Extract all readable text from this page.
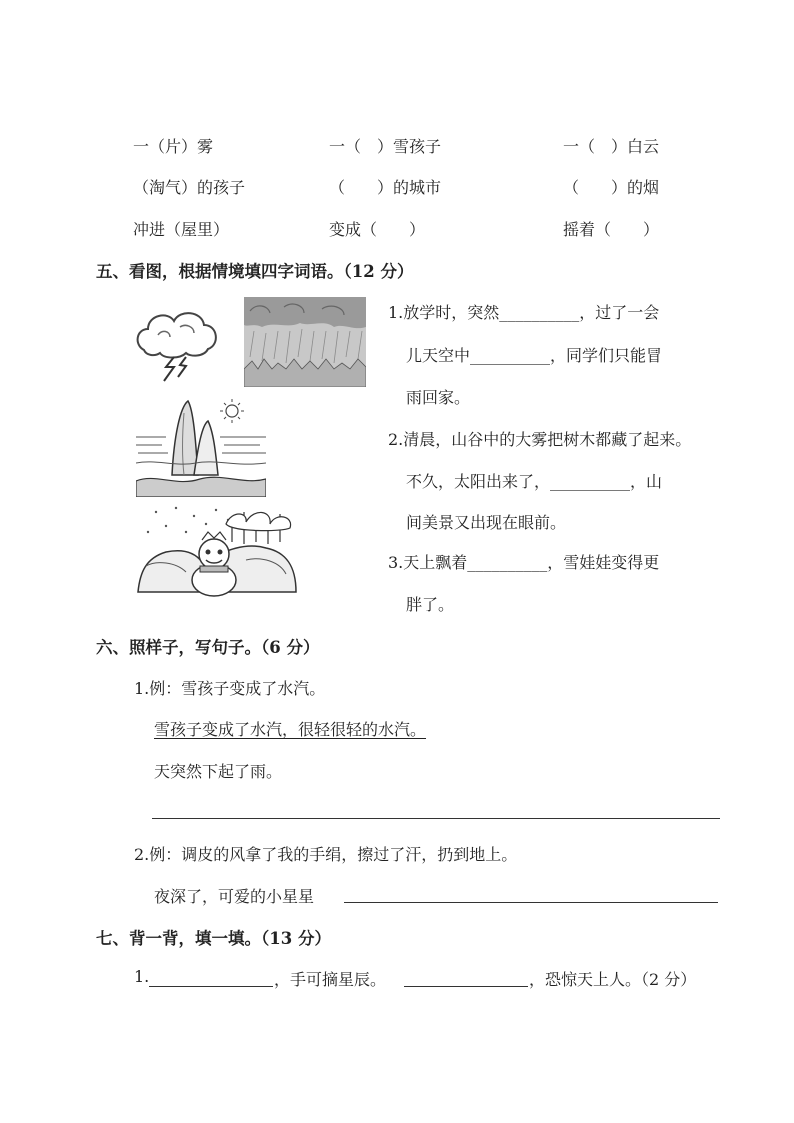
一（片）雾	一（　）雪孩子	一（　）白云
（淘气）的孩子	（　　）的城市	（　　）的烟
冲进（屋里）	变成（　　）	摇着（　　）
五、看图，根据情境填四字词语。（12 分）
1.放学时，突然__________，过了一会
儿天空中__________，同学们只能冒
雨回家。
2.清晨，山谷中的大雾把树木都藏了起来。
不久，太阳出来了，__________，山
间美景又出现在眼前。
3.天上飘着__________，雪娃娃变得更
胖了。
六、照样子，写句子。（6 分）
1.例：雪孩子变成了水汽。
雪孩子变成了水汽，很轻很轻的水汽。
天突然下起了雨。
2.例：调皮的风拿了我的手绢，擦过了汗，扔到地上。
夜深了，可爱的小星星
七、背一背，填一填。（13 分）
1.	，手可摘星辰。	，恐惊天上人。（2 分）
